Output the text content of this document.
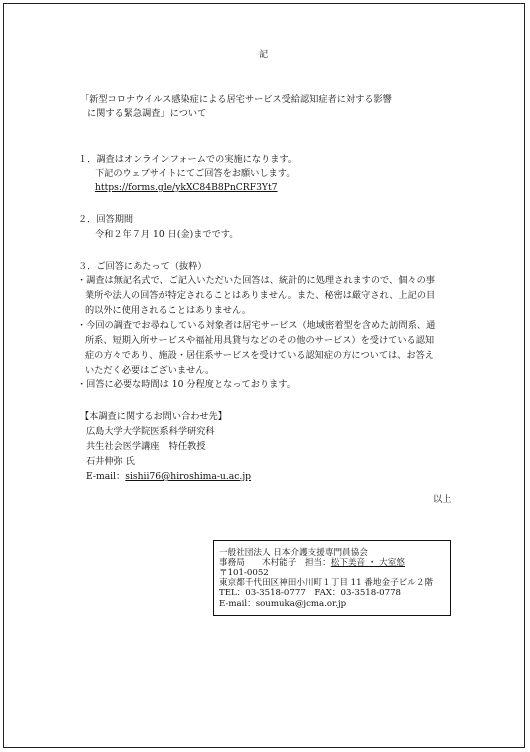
記
「新型コロナウイルス感染症による居宅サービス受給認知症者に対する影響
に関する緊急調査」について
１．調査はオンラインフォームでの実施になります。
下記のウェブサイトにてご回答をお願いします。
https://forms.gle/ykXC84B8PnCRF3Yt7
２．回答期間
令和２年７月 10 日(金)までです。
３．ご回答にあたって（抜粋）
・調査は無記名式で、ご記入いただいた回答は、統計的に処理されますので、個々の事
業所や法人の回答が特定されることはありません。また、秘密は厳守され、上記の目
的以外に使用されることはありません。
・今回の調査でお尋ねしている対象者は居宅サービス（地域密着型を含めた訪問系、通
所系、短期入所サービスや福祉用具貸与などのその他のサービス）を受けている認知
症の方々であり、施設・居住系サービスを受けている認知症の方については、お答え
いただく必要はございません。
・回答に必要な時間は 10 分程度となっております。
【本調査に関するお問い合わせ先】
広島大学大学院医系科学研究科
共生社会医学講座　特任教授
石井伸弥 氏
E-mail：sishii76@hiroshima-u.ac.jp
以上
一般社団法人 日本介護支援専門員協会
事務局　　木村能子　担当：松下美音 ・ 大室悠
〒101-0052
東京都千代田区神田小川町１丁目 11 番地金子ビル２階
TEL：03-3518-0777　FAX：03-3518-0778
E-mail：soumuka@jcma.or.jp
